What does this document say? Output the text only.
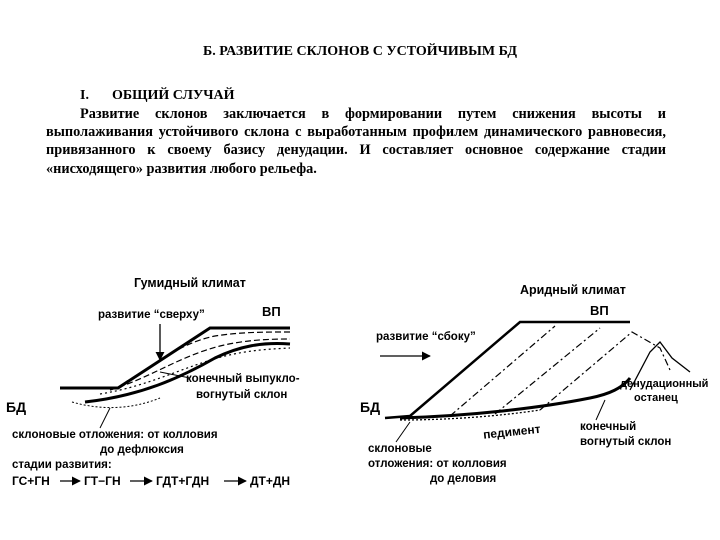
Б. РАЗВИТИЕ СКЛОНОВ С УСТОЙЧИВЫМ БД
I. ОБЩИЙ СЛУЧАЙ
Развитие склонов заключается в формировании путем снижения высоты и выполаживания устойчивого склона с выработанным профилем динамического равновесия, привязанного к своему базису денудации. И составляет основное содержание стадии «нисходящего» развития любого рельефа.
Гумидный климат
развитие “сверху”	ВП
БД
конечный выпукло-
вогнутый склон
склоновые отложения: от колловия
до дефлюксия
стадии развития:
ГС+ГН	ГТ−ГН	ГДТ+ГДН	ДТ+ДН
Аридный климат
развитие “сбоку”
ВП
БД
денудационный
останец
педимент	конечный
вогнутый склон
склоновые
отложения: от колловия
до деловия
